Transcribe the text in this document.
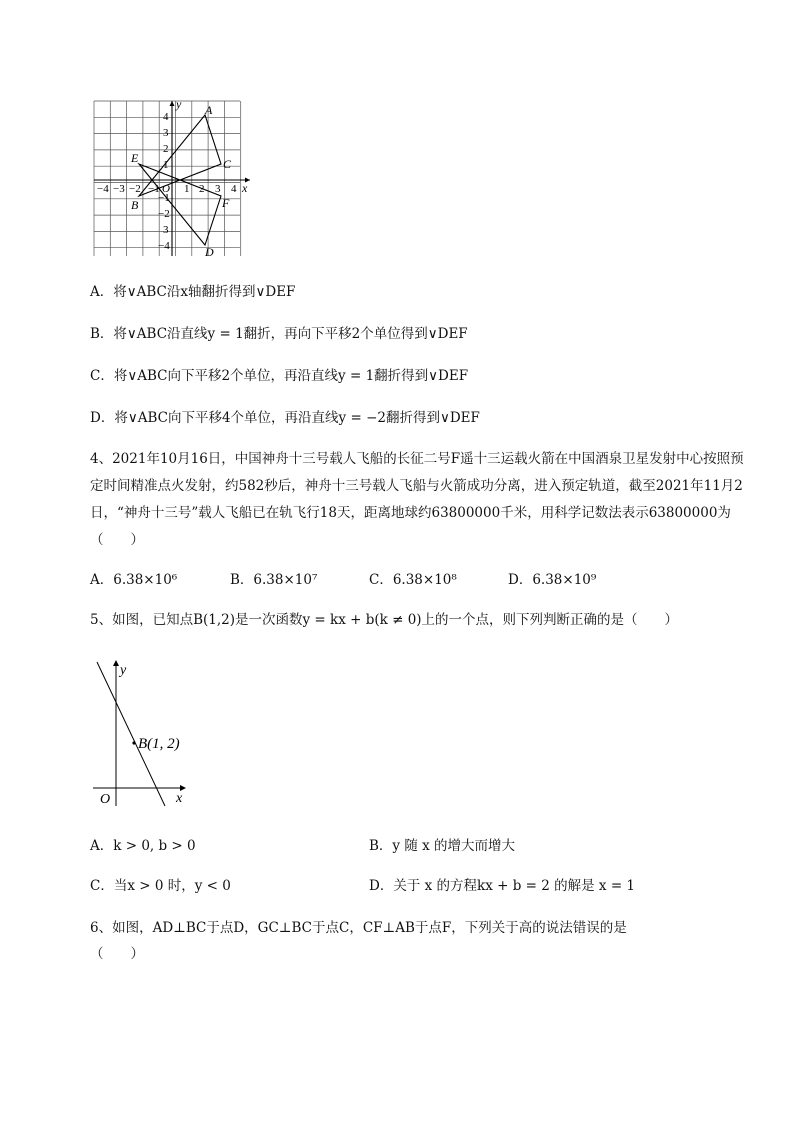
x
y A
B
C
D
E
F
−4 −3 −2 −1 O 1 2 3 4
4
3
2
1
−1
−2
3
−4
A．将∨ABC沿x轴翻折得到∨DEF
B．将∨ABC沿直线y = 1翻折，再向下平移2个单位得到∨DEF
C．将∨ABC向下平移2个单位，再沿直线y = 1翻折得到∨DEF
D．将∨ABC向下平移4个单位，再沿直线y = −2翻折得到∨DEF
4、2021年10月16日，中国神舟十三号载人飞船的长征二号F遥十三运载火箭在中国酒泉卫星发射中心按照预定时间精准点火发射，约582秒后，神舟十三号载人飞船与火箭成功分离，进入预定轨道，截至2021年11月2日，“神舟十三号”载人飞船已在轨飞行18天，距离地球约63800000千米，用科学记数法表示63800000为（　　）
A．6.38×10⁶	B．6.38×10⁷	C．6.38×10⁸	D．6.38×10⁹
5、如图，已知点B(1,2)是一次函数y = kx + b(k ≠ 0)上的一个点，则下列判断正确的是（　　）
B(1, 2)
y
x
O
A．k > 0, b > 0	B．y 随 x 的增大而增大
C．当x > 0 时，y < 0	D．关于 x 的方程kx + b = 2 的解是 x = 1
6、如图，AD⊥BC于点D，GC⊥BC于点C，CF⊥AB于点F，下列关于高的说法错误的是
（　　）
